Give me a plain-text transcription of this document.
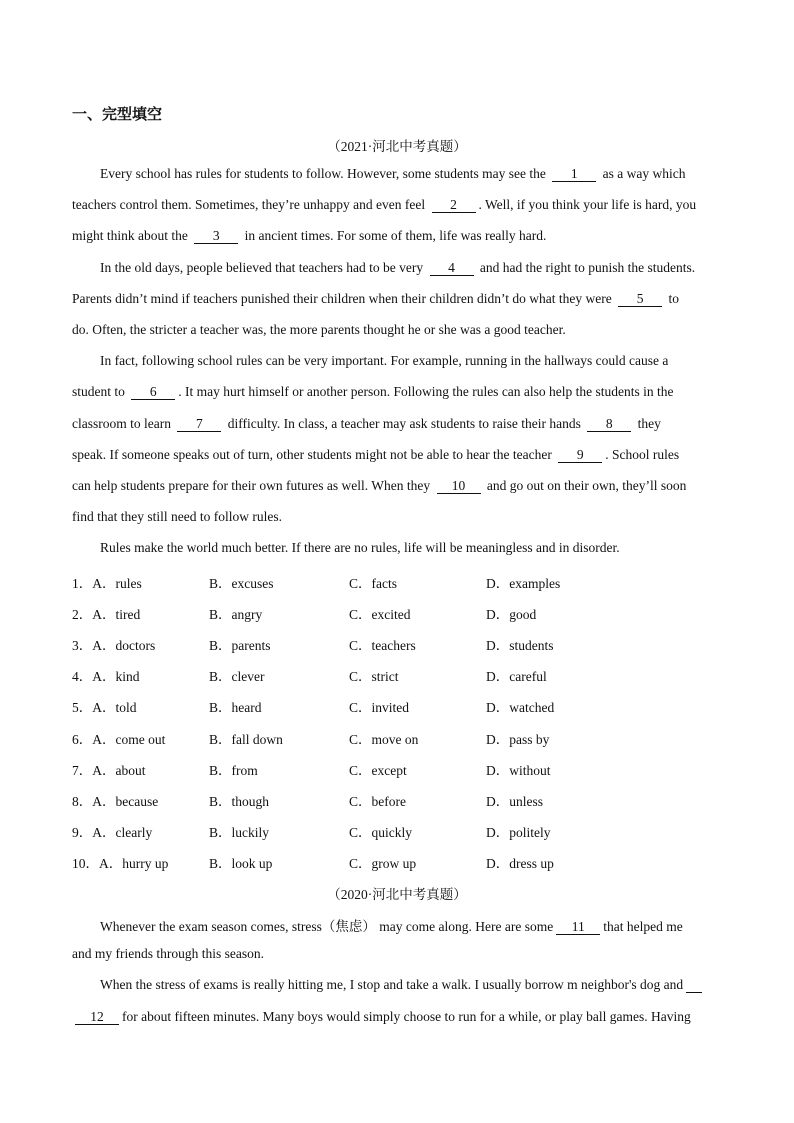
一、完型填空
（2021·河北中考真题）
Every school has rules for students to follow. However, some students may see the 1 as a way which
teachers control them. Sometimes, they’re unhappy and even feel 2 . Well, if you think your life is hard, you
might think about the 3 in ancient times. For some of them, life was really hard.
In the old days, people believed that teachers had to be very 4 and had the right to punish the students.
Parents didn’t mind if teachers punished their children when their children didn’t do what they were 5 to
do. Often, the stricter a teacher was, the more parents thought he or she was a good teacher.
In fact, following school rules can be very important. For example, running in the hallways could cause a
student to 6 . It may hurt himself or another person. Following the rules can also help the students in the
classroom to learn 7 difficulty. In class, a teacher may ask students to raise their hands 8 they
speak. If someone speaks out of turn, other students might not be able to hear the teacher 9 . School rules
can help students prepare for their own futures as well. When they 10 and go out on their own, they’ll soon
find that they still need to follow rules.
Rules make the world much better. If there are no rules, life will be meaningless and in disorder.
1．A．rules	B．excuses	C．facts	D．examples
2．A．tired	B．angry	C．excited	D．good
3．A．doctors	B．parents	C．teachers	D．students
4．A．kind	B．clever	C．strict	D．careful
5．A．told	B．heard	C．invited	D．watched
6．A．come out	B．fall down	C．move on	D．pass by
7．A．about	B．from	C．except	D．without
8．A．because	B．though	C．before	D．unless
9．A．clearly	B．luckily	C．quickly	D．politely
10．A．hurry up	B．look up	C．grow up	D．dress up
（2020·河北中考真题）
Whenever the exam season comes, stress（焦虑） may come along. Here are some 11 that helped me
and my friends through this season.
When the stress of exams is really hitting me, I stop and take a walk. I usually borrow m neighbor's dog and
12 for about fifteen minutes. Many boys would simply choose to run for a while, or play ball games. Having
